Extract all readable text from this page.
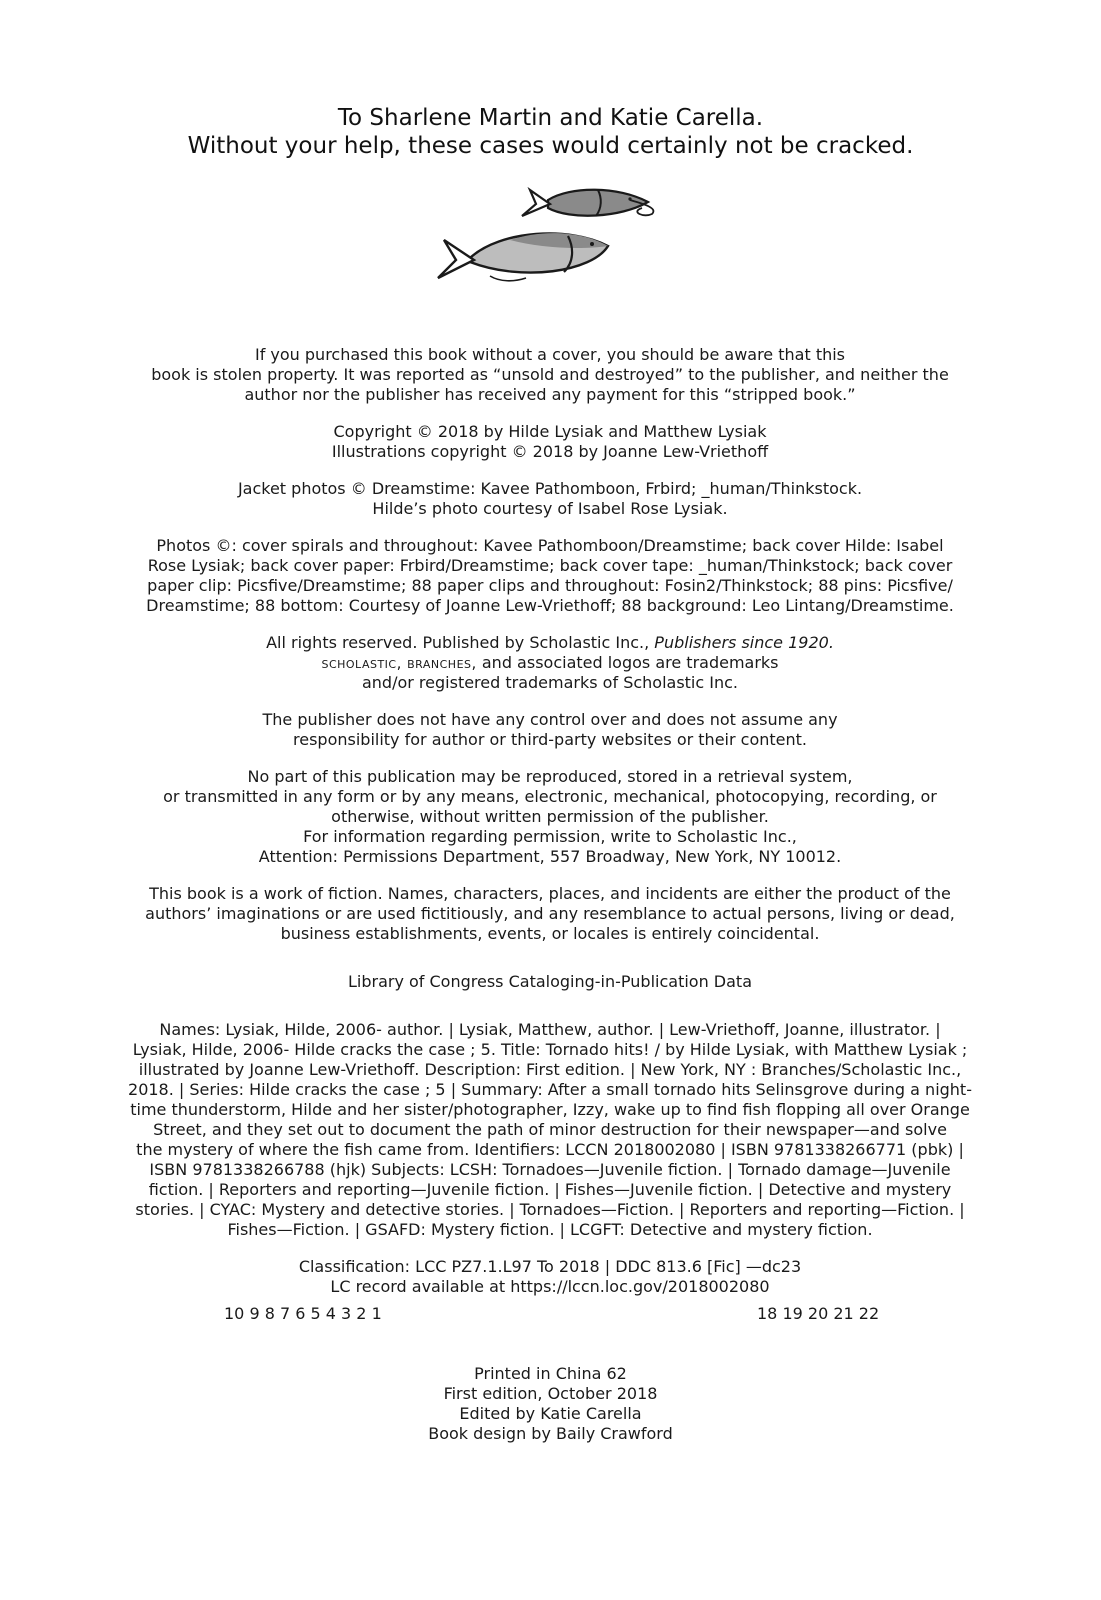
To Sharlene Martin and Katie Carella.
Without your help, these cases would certainly not be cracked.

If you purchased this book without a cover, you should be aware that this
book is stolen property. It was reported as “unsold and destroyed” to the publisher, and neither the
author nor the publisher has received any payment for this “stripped book.”

Copyright © 2018 by Hilde Lysiak and Matthew Lysiak
Illustrations copyright © 2018 by Joanne Lew-Vriethoff

Jacket photos © Dreamstime: Kavee Pathomboon, Frbird; _human/Thinkstock.
Hilde’s photo courtesy of Isabel Rose Lysiak.

Photos ©: cover spirals and throughout: Kavee Pathomboon/Dreamstime; back cover Hilde: Isabel
Rose Lysiak; back cover paper: Frbird/Dreamstime; back cover tape: _human/Thinkstock; back cover
paper clip: Picsfive/Dreamstime; 88 paper clips and throughout: Fosin2/Thinkstock; 88 pins: Picsfive/
Dreamstime; 88 bottom: Courtesy of Joanne Lew-Vriethoff; 88 background: Leo Lintang/Dreamstime.

All rights reserved. Published by Scholastic Inc., Publishers since 1920.
scholastic, branches, and associated logos are trademarks
and/or registered trademarks of Scholastic Inc.

The publisher does not have any control over and does not assume any
responsibility for author or third-party websites or their content.

No part of this publication may be reproduced, stored in a retrieval system,
or transmitted in any form or by any means, electronic, mechanical, photocopying, recording, or
otherwise, without written permission of the publisher.
For information regarding permission, write to Scholastic Inc.,
Attention: Permissions Department, 557 Broadway, New York, NY 10012.

This book is a work of fiction. Names, characters, places, and incidents are either the product of the
authors’ imaginations or are used fictitiously, and any resemblance to actual persons, living or dead,
business establishments, events, or locales is entirely coincidental.

Library of Congress Cataloging-in-Publication Data

Names: Lysiak, Hilde, 2006- author. | Lysiak, Matthew, author. | Lew-Vriethoff, Joanne, illustrator. |
Lysiak, Hilde, 2006- Hilde cracks the case ; 5. Title: Tornado hits! / by Hilde Lysiak, with Matthew Lysiak ;
illustrated by Joanne Lew-Vriethoff. Description: First edition. | New York, NY : Branches/Scholastic Inc.,
2018. | Series: Hilde cracks the case ; 5 | Summary: After a small tornado hits Selinsgrove during a night-
time thunderstorm, Hilde and her sister/photographer, Izzy, wake up to find fish flopping all over Orange
Street, and they set out to document the path of minor destruction for their newspaper—and solve
the mystery of where the fish came from. Identifiers: LCCN 2018002080 | ISBN 9781338266771 (pbk) |
ISBN 9781338266788 (hjk) Subjects: LCSH: Tornadoes—Juvenile fiction. | Tornado damage—Juvenile
fiction. | Reporters and reporting—Juvenile fiction. | Fishes—Juvenile fiction. | Detective and mystery
stories. | CYAC: Mystery and detective stories. | Tornadoes—Fiction. | Reporters and reporting—Fiction. |
Fishes—Fiction. | GSAFD: Mystery fiction. | LCGFT: Detective and mystery fiction.

Classification: LCC PZ7.1.L97 To 2018 | DDC 813.6 [Fic] —dc23
LC record available at https://lccn.loc.gov/2018002080

10 9 8 7 6 5 4 3 2 1	18 19 20 21 22
Printed in China 62
First edition, October 2018
Edited by Katie Carella
Book design by Baily Crawford
